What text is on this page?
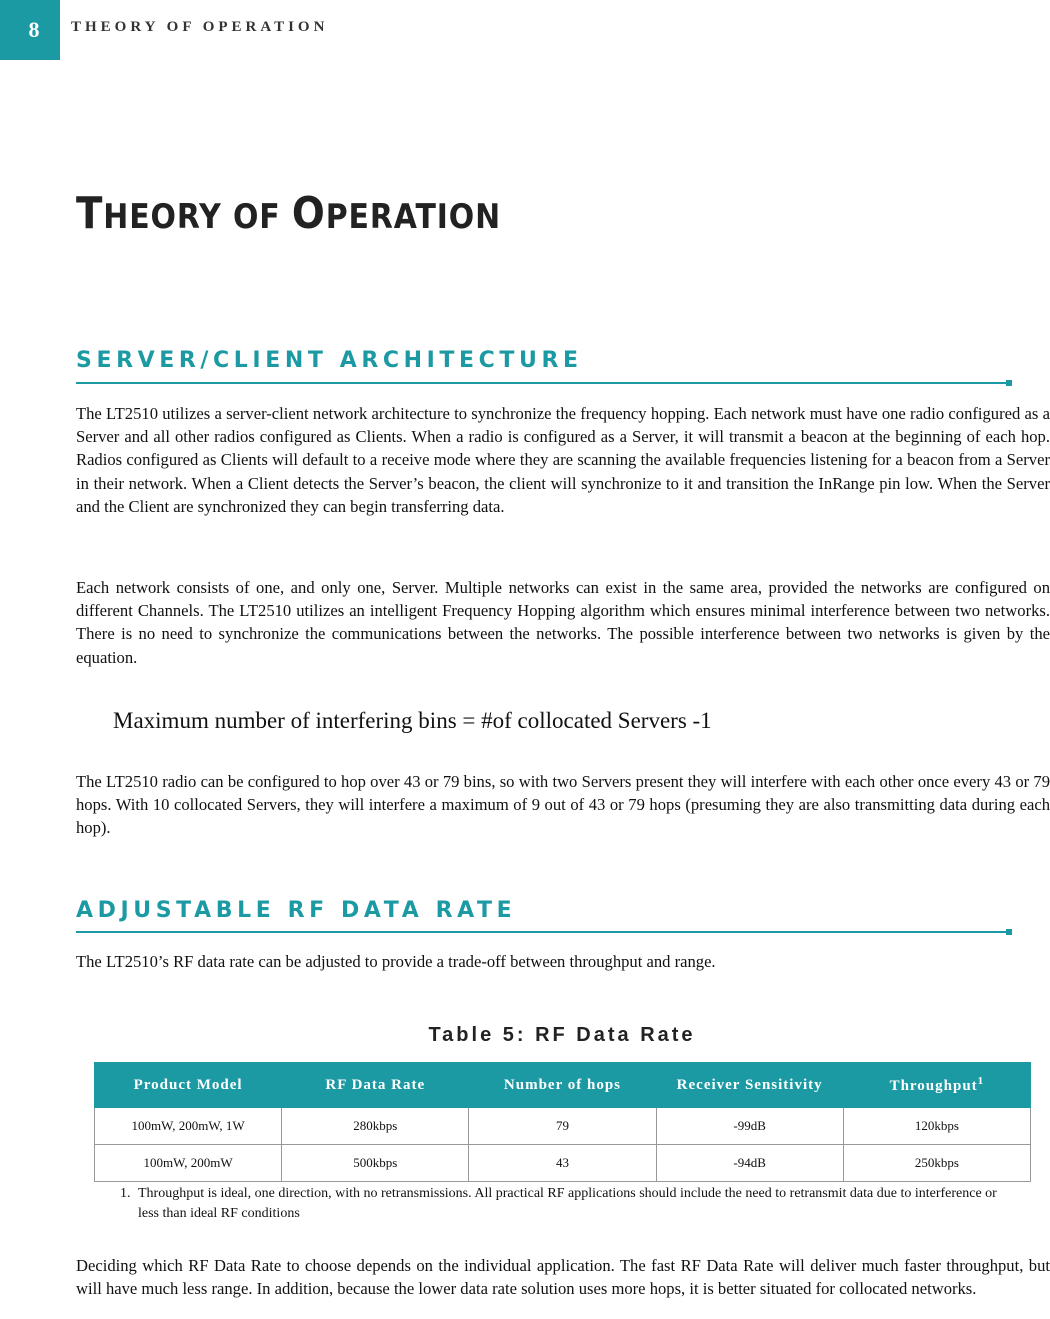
8 THEORY OF OPERATION
THEORY OF OPERATION
SERVER/CLIENT ARCHITECTURE

The LT2510 utilizes a server-client network architecture to synchronize the frequency hopping. Each network must have one radio configured as a Server and all other radios configured as Clients. When a radio is configured as a Server, it will transmit a beacon at the beginning of each hop. Radios configured as Clients will default to a receive mode where they are scanning the available frequencies listening for a beacon from a Server in their network. When a Client detects the Server’s beacon, the client will synchronize to it and transition the InRange pin low. When the Server and the Client are synchronized they can begin transferring data.

Each network consists of one, and only one, Server. Multiple networks can exist in the same area, provided the networks are configured on different Channels. The LT2510 utilizes an intelligent Frequency Hopping algorithm which ensures minimal interference between two networks. There is no need to synchronize the communications between the networks. The possible interference between two networks is given by the equation.

Maximum number of interfering bins = #of collocated Servers -1

The LT2510 radio can be configured to hop over 43 or 79 bins, so with two Servers present they will interfere with each other once every 43 or 79 hops. With 10 collocated Servers, they will interfere a maximum of 9 out of 43 or 79 hops (presuming they are also transmitting data during each hop).

ADJUSTABLE RF DATA RATE

The LT2510’s RF data rate can be adjusted to provide a trade-off between throughput and range.

Table 5: RF Data Rate

Product Model	RF Data Rate	Number of hops	Receiver Sensitivity	Throughput$^1$
100mW, 200mW, 1W	280kbps	79	-99dB	120kbps
100mW, 200mW	500kbps	43	-94dB	250kbps
1. Throughput is ideal, one direction, with no retransmissions. All practical RF applications should include the need to retransmit data due to interference or less than ideal RF conditions

Deciding which RF Data Rate to choose depends on the individual application. The fast RF Data Rate will deliver much faster throughput, but will have much less range. In addition, because the lower data rate solution uses more hops, it is better situated for collocated networks.
